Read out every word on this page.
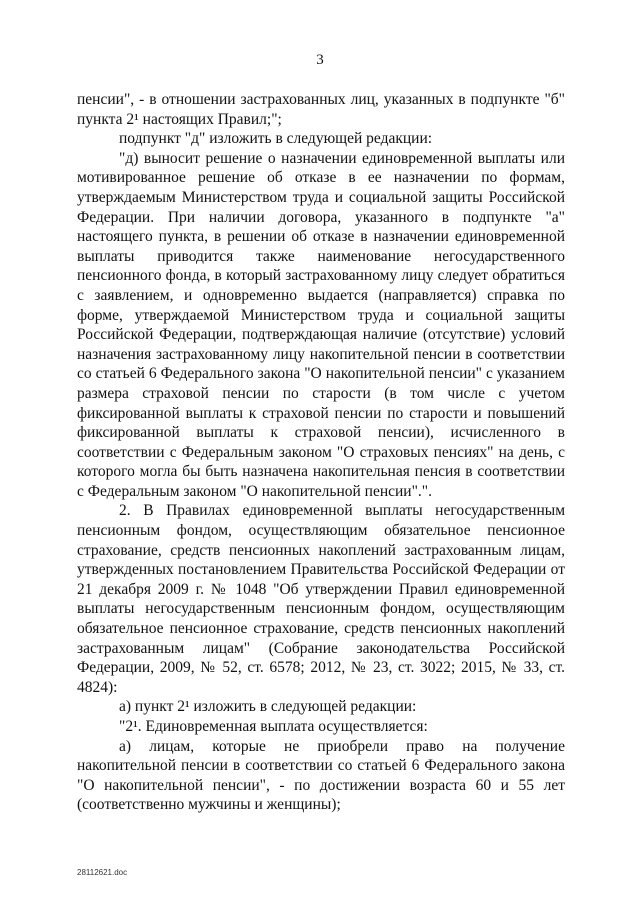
3

пенсии", - в отношении застрахованных лиц, указанных в подпункте "б" пункта 2¹ настоящих Правил;";

подпункт "д" изложить в следующей редакции:

"д) выносит решение о назначении единовременной выплаты или мотивированное решение об отказе в ее назначении по формам, утверждаемым Министерством труда и социальной защиты Российской Федерации. При наличии договора, указанного в подпункте "а" настоящего пункта, в решении об отказе в назначении единовременной выплаты приводится также наименование негосударственного пенсионного фонда, в который застрахованному лицу следует обратиться с заявлением, и одновременно выдается (направляется) справка по форме, утверждаемой Министерством труда и социальной защиты Российской Федерации, подтверждающая наличие (отсутствие) условий назначения застрахованному лицу накопительной пенсии в соответствии со статьей 6 Федерального закона "О накопительной пенсии" с указанием размера страховой пенсии по старости (в том числе с учетом фиксированной выплаты к страховой пенсии по старости и повышений фиксированной выплаты к страховой пенсии), исчисленного в соответствии с Федеральным законом "О страховых пенсиях" на день, с которого могла бы быть назначена накопительная пенсия в соответствии с Федеральным законом "О накопительной пенсии".".

2. В Правилах единовременной выплаты негосударственным пенсионным фондом, осуществляющим обязательное пенсионное страхование, средств пенсионных накоплений застрахованным лицам, утвержденных постановлением Правительства Российской Федерации от 21 декабря 2009 г. № 1048 "Об утверждении Правил единовременной выплаты негосударственным пенсионным фондом, осуществляющим обязательное пенсионное страхование, средств пенсионных накоплений застрахованным лицам" (Собрание законодательства Российской Федерации, 2009, № 52, ст. 6578; 2012, № 23, ст. 3022; 2015, № 33, ст. 4824):

а) пункт 2¹ изложить в следующей редакции:

"2¹. Единовременная выплата осуществляется:

а) лицам, которые не приобрели право на получение накопительной пенсии в соответствии со статьей 6 Федерального закона "О накопительной пенсии", - по достижении возраста 60 и 55 лет (соответственно мужчины и женщины);

28112621.doc
